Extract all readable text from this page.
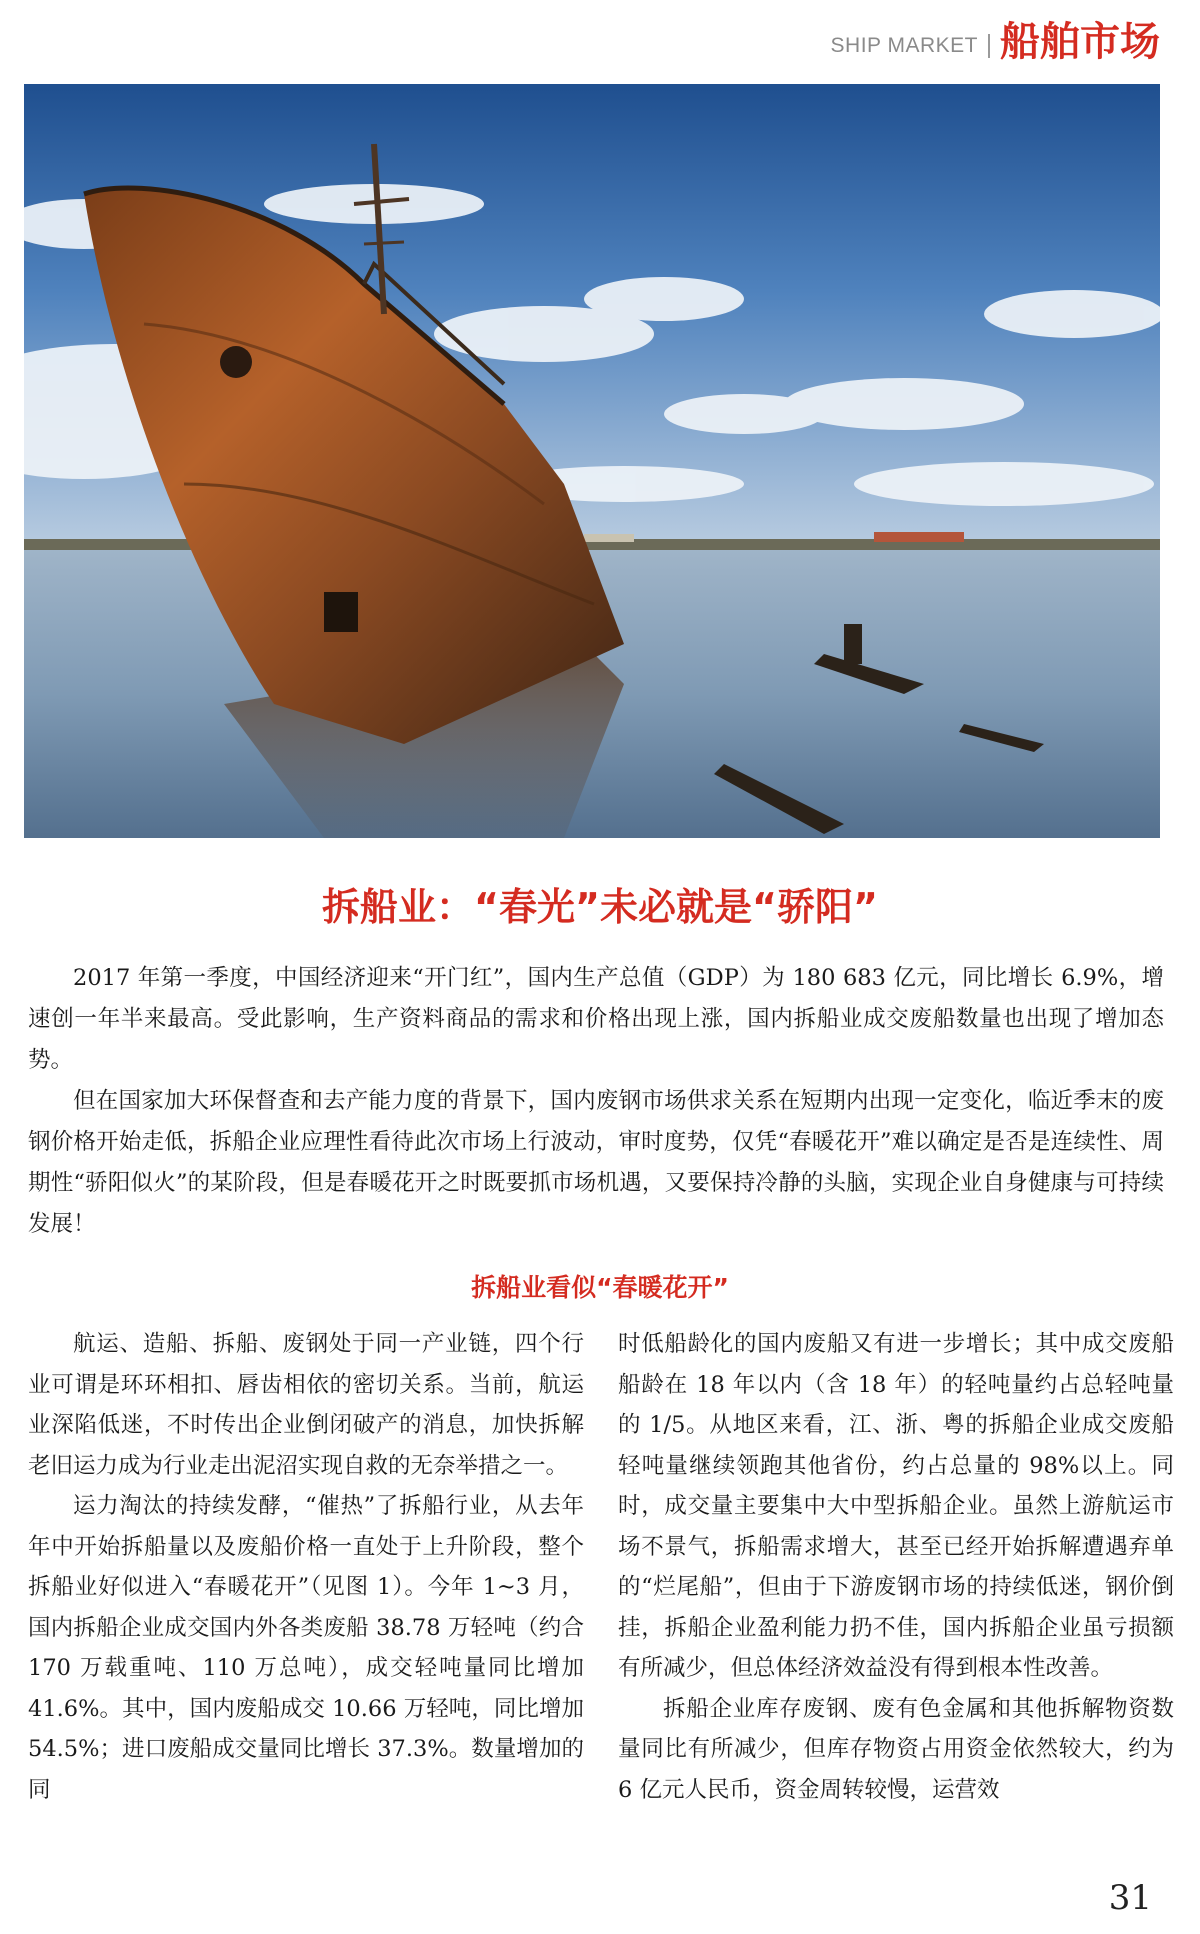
SHIP MARKET 船舶市场
拆船业：“春光”未必就是“骄阳”

2017 年第一季度，中国经济迎来“开门红”，国内生产总值（GDP）为 180 683 亿元，同比增长 6.9%，增速创一年半来最高。受此影响，生产资料商品的需求和价格出现上涨，国内拆船业成交废船数量也出现了增加态势。

但在国家加大环保督查和去产能力度的背景下，国内废钢市场供求关系在短期内出现一定变化，临近季末的废钢价格开始走低，拆船企业应理性看待此次市场上行波动，审时度势，仅凭“春暖花开”难以确定是否是连续性、周期性“骄阳似火”的某阶段，但是春暖花开之时既要抓市场机遇，又要保持冷静的头脑，实现企业自身健康与可持续发展！

拆船业看似“春暖花开”

航运、造船、拆船、废钢处于同一产业链，四个行业可谓是环环相扣、唇齿相依的密切关系。当前，航运业深陷低迷，不时传出企业倒闭破产的消息，加快拆解老旧运力成为行业走出泥沼实现自救的无奈举措之一。

运力淘汰的持续发酵，“催热”了拆船行业，从去年年中开始拆船量以及废船价格一直处于上升阶段，整个拆船业好似进入“春暖花开”（见图 1）。今年 1~3 月，国内拆船企业成交国内外各类废船 38.78 万轻吨（约合 170 万载重吨、110 万总吨），成交轻吨量同比增加 41.6%。其中，国内废船成交 10.66 万轻吨，同比增加 54.5%；进口废船成交量同比增长 37.3%。数量增加的同

时低船龄化的国内废船又有进一步增长；其中成交废船船龄在 18 年以内（含 18 年）的轻吨量约占总轻吨量的 1/5。从地区来看，江、浙、粤的拆船企业成交废船轻吨量继续领跑其他省份，约占总量的 98%以上。同时，成交量主要集中大中型拆船企业。虽然上游航运市场不景气，拆船需求增大，甚至已经开始拆解遭遇弃单的“烂尾船”，但由于下游废钢市场的持续低迷，钢价倒挂，拆船企业盈利能力扔不佳，国内拆船企业虽亏损额有所减少，但总体经济效益没有得到根本性改善。

拆船企业库存废钢、废有色金属和其他拆解物资数量同比有所减少，但库存物资占用资金依然较大，约为 6 亿元人民币，资金周转较慢，运营效

31
